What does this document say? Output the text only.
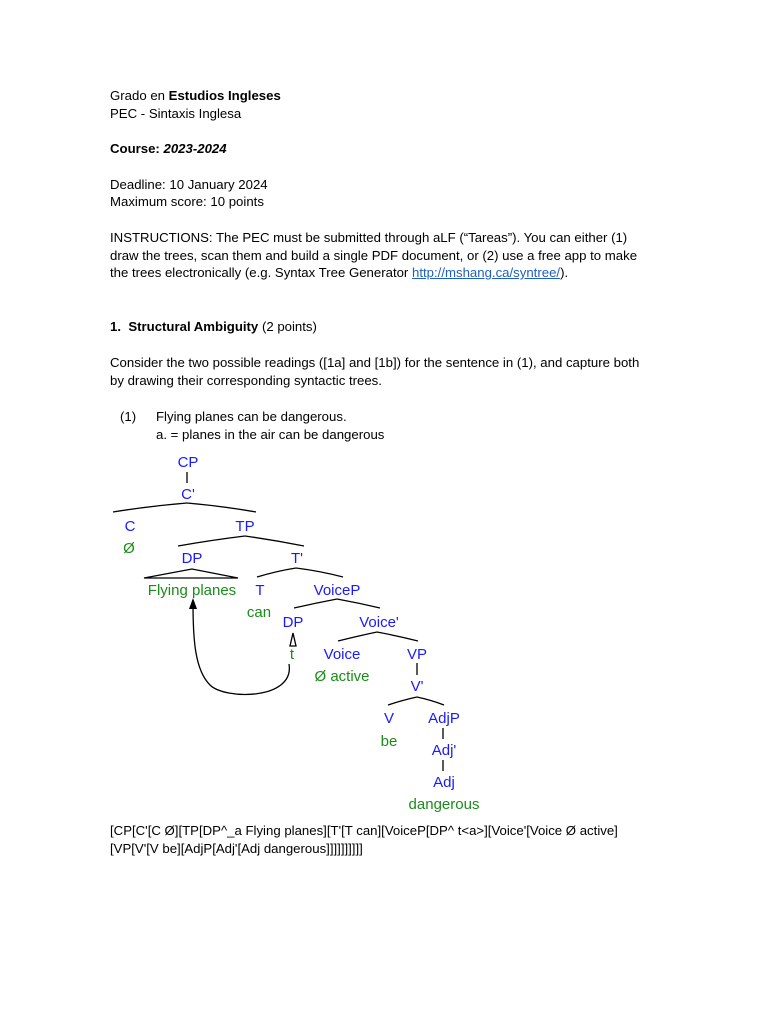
Grado en Estudios Ingleses
PEC - Sintaxis Inglesa
Course: 2023-2024
Deadline: 10 January 2024
Maximum score: 10 points
INSTRUCTIONS: The PEC must be submitted through aLF (“Tareas”). You can either (1) draw the trees, scan them and build a single PDF document, or (2) use a free app to make the trees electronically (e.g. Syntax Tree Generator http://mshang.ca/syntree/).
1. Structural Ambiguity (2 points)
Consider the two possible readings ([1a] and [1b]) for the sentence in (1), and capture both by drawing their corresponding syntactic trees.
(1) Flying planes can be dangerous.
a. = planes in the air can be dangerous
CP
C'
C	TP
DP	T'
T	VoiceP
DP	Voice'
Voice	VP
V'
V AdjP
Adj'
Adj
Ø
Flying planes
can
t
Ø active
be
dangerous
[CP[C'[C Ø][TP[DP^_a Flying planes][T'[T can][VoiceP[DP^ t<a>][Voice'[Voice Ø active]
[VP[V'[V be][AdjP[Adj'[Adj dangerous]]]]]]]]]]
